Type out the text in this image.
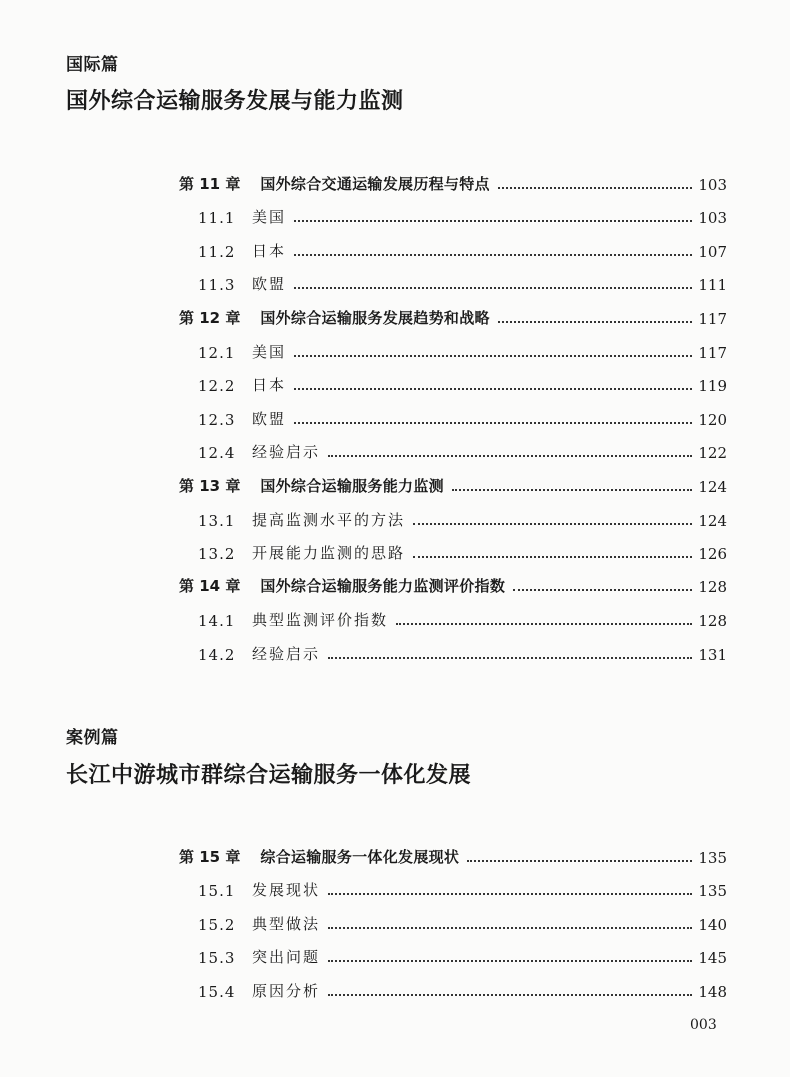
国际篇
国外综合运输服务发展与能力监测
第 11 章 国外综合交通运输发展历程与特点	103
11.1	美国	103
11.2	日本	107
11.3	欧盟	111
第 12 章 国外综合运输服务发展趋势和战略	117
12.1	美国	117
12.2	日本	119
12.3	欧盟	120
12.4	经验启示	122
第 13 章 国外综合运输服务能力监测	124
13.1	提高监测水平的方法	124
13.2	开展能力监测的思路	126
第 14 章 国外综合运输服务能力监测评价指数	128
14.1	典型监测评价指数	128
14.2	经验启示	131
案例篇
长江中游城市群综合运输服务一体化发展
第 15 章 综合运输服务一体化发展现状	135
15.1	发展现状	135
15.2	典型做法	140
15.3	突出问题	145
15.4	原因分析	148
003
